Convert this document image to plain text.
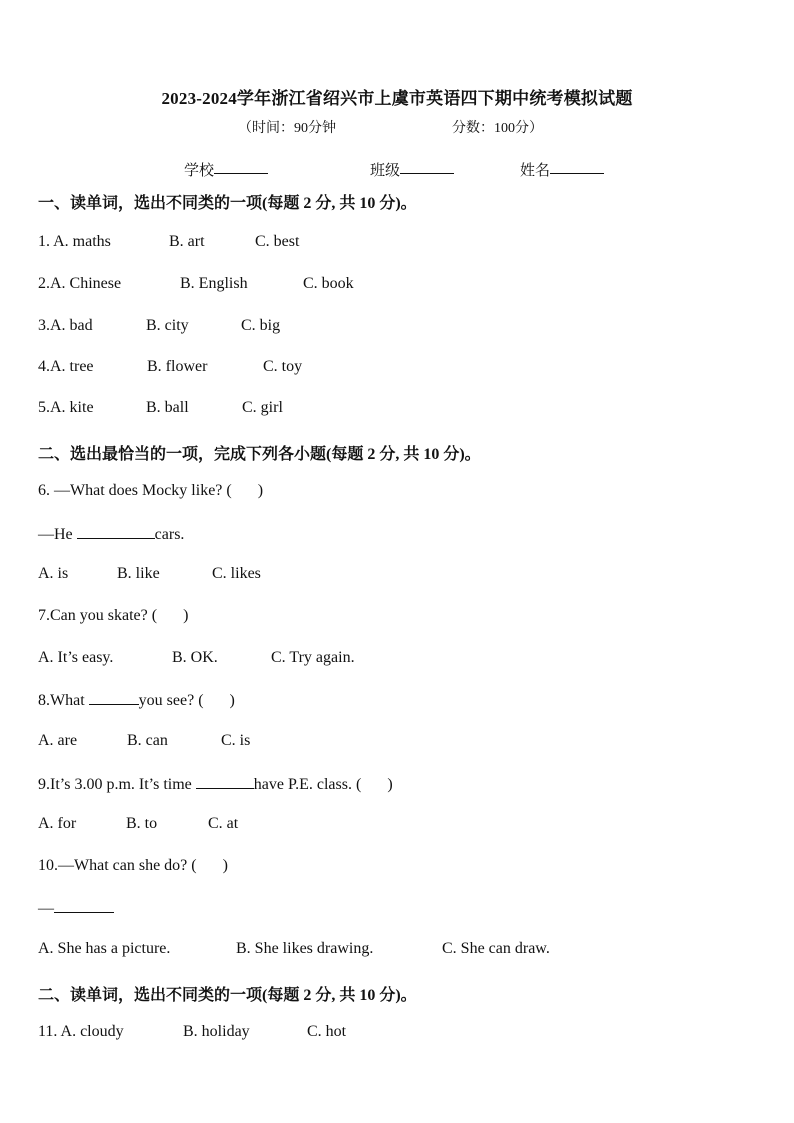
2023-2024学年浙江省绍兴市上虞市英语四下期中统考模拟试题
（时间：90分钟	分数：100分）
学校	班级	姓名
一、读单词，选出不同类的一项(每题 2 分, 共 10 分)。
1. A. maths	B. art	C. best
2.A. Chinese	B. English	C. book
3.A. bad	B. city	C. big
4.A. tree	B. flower	C. toy
5.A. kite	B. ball	C. girl
二、选出最恰当的一项，完成下列各小题(每题 2 分, 共 10 分)。
6. —What does Mocky like? ( )
—He	cars.
A. is	B. like	C. likes
7.Can you skate? ( )
A. It’s easy.	B. OK.	C. Try again.
8.What	you see? ( )
A. are	B. can	C. is
9.It’s 3.00 p.m. It’s time	have P.E. class. ( )
A. for	B. to	C. at
10.—What can she do? ( )
—
A. She has a picture.	B. She likes drawing.	C. She can draw.
二、读单词，选出不同类的一项(每题 2 分, 共 10 分)。
11. A. cloudy	B. holiday	C. hot
